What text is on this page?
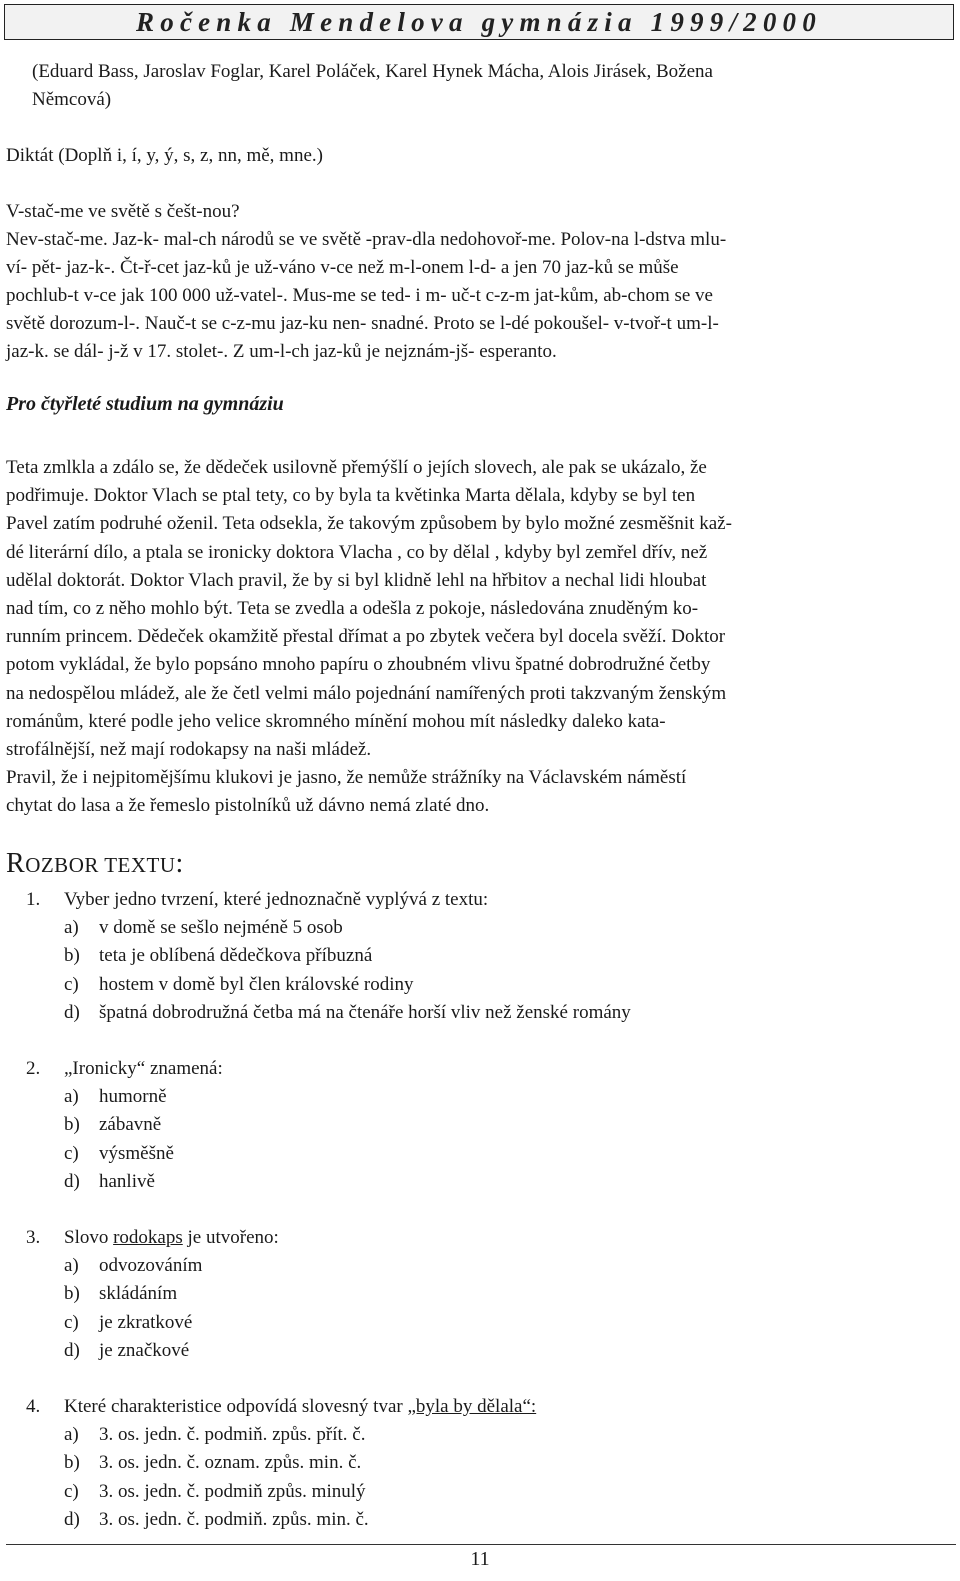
Ročenka Mendelova gymnázia 1999/2000
(Eduard Bass, Jaroslav Foglar, Karel Poláček, Karel Hynek Mácha, Alois Jirásek, Božena
Němcová)
Diktát (Doplň i, í, y, ý, s, z, nn, mě, mne.)
V-stač-me ve světě s češt-nou?
Nev-stač-me. Jaz-k- mal-ch národů se ve světě -prav-dla nedohovoř-me. Polov-na l-dstva mlu-
ví- pět- jaz-k-. Čt-ř-cet jaz-ků je už-váno v-ce než m-l-onem l-d- a jen 70 jaz-ků se můše
pochlub-t v-ce jak 100 000 už-vatel-. Mus-me se ted- i m- uč-t c-z-m jat-kům, ab-chom se ve
světě dorozum-l-. Nauč-t se c-z-mu jaz-ku nen- snadné. Proto se l-dé pokoušel- v-tvoř-t um-l-
jaz-k. se dál- j-ž v 17. stolet-. Z um-l-ch jaz-ků je nejznám-jš- esperanto.
Pro čtyřleté studium na gymnáziu
Teta zmlkla a zdálo se, že dědeček usilovně přemýšlí o jejích slovech, ale pak se ukázalo, že
podřimuje. Doktor Vlach se ptal tety, co by byla ta květinka Marta dělala, kdyby se byl ten
Pavel zatím podruhé oženil. Teta odsekla, že takovým způsobem by bylo možné zesměšnit kaž-
dé literární dílo, a ptala se ironicky doktora Vlacha , co by dělal , kdyby byl zemřel dřív, než
udělal doktorát. Doktor Vlach pravil, že by si byl klidně lehl na hřbitov a nechal lidi hloubat
nad tím, co z něho mohlo být. Teta se zvedla a odešla z pokoje, následována znuděným ko-
runním princem. Dědeček okamžitě přestal dřímat a po zbytek večera byl docela svěží. Doktor
potom vykládal, že bylo popsáno mnoho papíru o zhoubném vlivu špatné dobrodružné četby
na nedospělou mládež, ale že četl velmi málo pojednání namířených proti takzvaným ženským
románům, které podle jeho velice skromného mínění mohou mít následky daleko kata-
strofálnější, než mají rodokapsy na naši mládež.
Pravil, že i nejpitomějšímu klukovi je jasno, že nemůže strážníky na Václavském náměstí
chytat do lasa a že řemeslo pistolníků už dávno nemá zlaté dno.
ROZBOR TEXTU:
1. Vyber jedno tvrzení, které jednoznačně vyplývá z textu:
a) v domě se sešlo nejméně 5 osob
b) teta je oblíbená dědečkova příbuzná
c) hostem v domě byl člen královské rodiny
d) špatná dobrodružná četba má na čtenáře horší vliv než ženské romány
2. „Ironicky“ znamená:
a) humorně
b) zábavně
c) výsměšně
d) hanlivě
3. Slovo rodokaps je utvořeno:
a) odvozováním
b) skládáním
c) je zkratkové
d) je značkové
4. Které charakteristice odpovídá slovesný tvar „byla by dělala“:
a) 3. os. jedn. č. podmiň. způs. přít. č.
b) 3. os. jedn. č. oznam. způs. min. č.
c) 3. os. jedn. č. podmiň způs. minulý
d) 3. os. jedn. č. podmiň. způs. min. č.
11
